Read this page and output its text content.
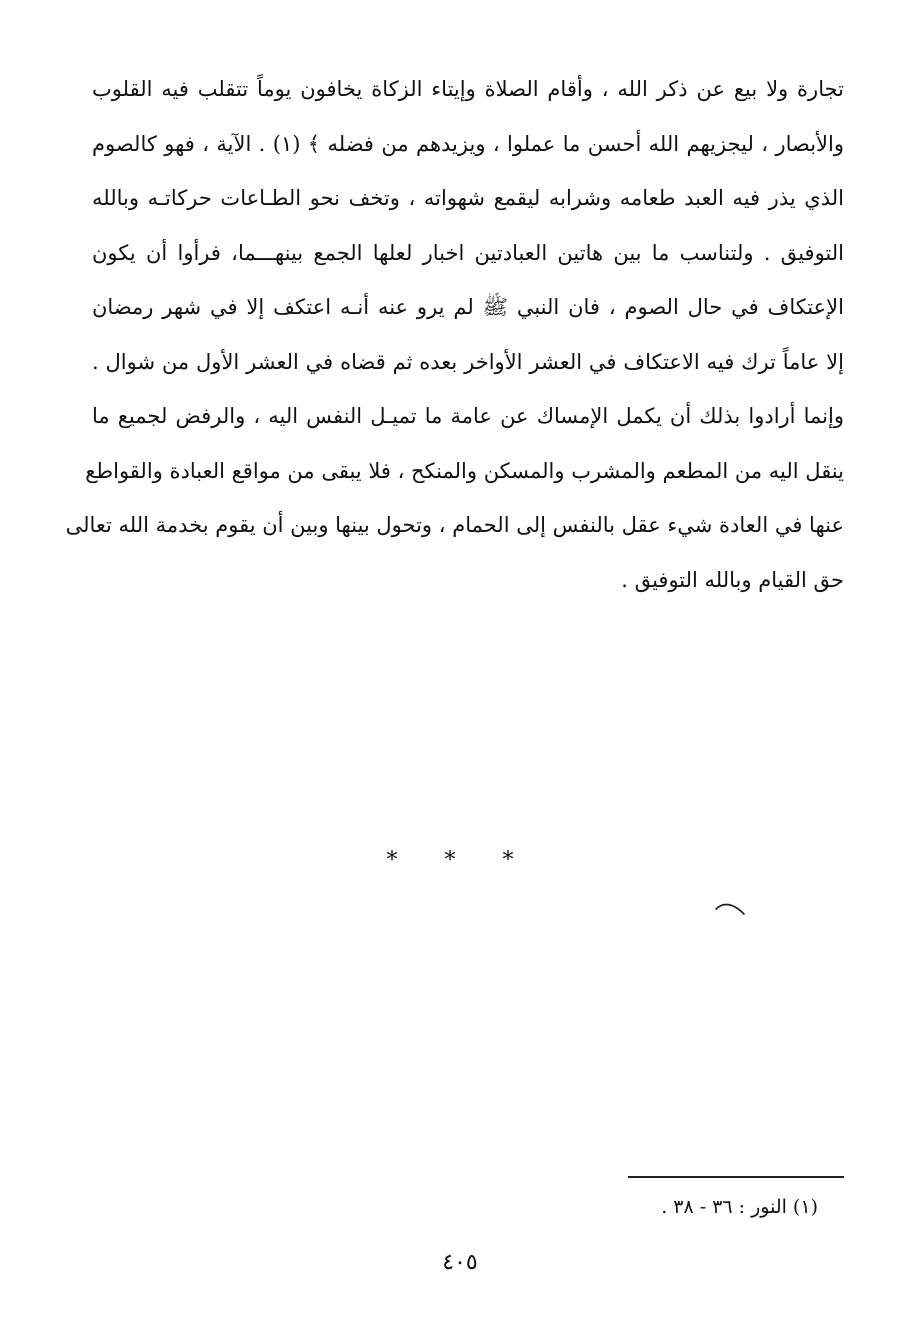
تجارة ولا بيع عن ذكر الله ، وأقام الصلاة وإيتاء الزكاة يخافون يوماً تتقلب فيه القلوب
والأبصار ، ليجزيهم الله أحسن ما عملوا ، ويزيدهم من فضله ﴾ (١) . الآية ، فهو كالصوم
الذي يذر فيه العبد طعامه وشرابه ليقمع شهواته ، وتخف نحو الطـاعات حركاتـه وبالله
التوفيق . ولتناسب ما بين هاتين العبادتين اخبار لعلها الجمع بينهـــما، فرأوا أن يكون
الإعتكاف في حال الصوم ، فان النبي ﷺ لم يرو عنه أنـه اعتكف إلا في شهر رمضان
إلا عاماً ترك فيه الاعتكاف في العشر الأواخر بعده ثم قضاه في العشر الأول من شوال .
وإنما أرادوا بذلك أن يكمل الإمساك عن عامة ما تميـل النفس اليه ، والرفض لجميع ما
ينقل اليه من المطعم والمشرب والمسكن والمنكح ، فلا يبقى من مواقع العبادة والقواطع
عنها في العادة شيء عقل بالنفس إلى الحمام ، وتحول بينها وبين أن يقوم بخدمة الله تعالى
حق القيام وبالله التوفيق .
* * *
(١) النور : ٣٦ - ٣٨ .
٤٠٥
